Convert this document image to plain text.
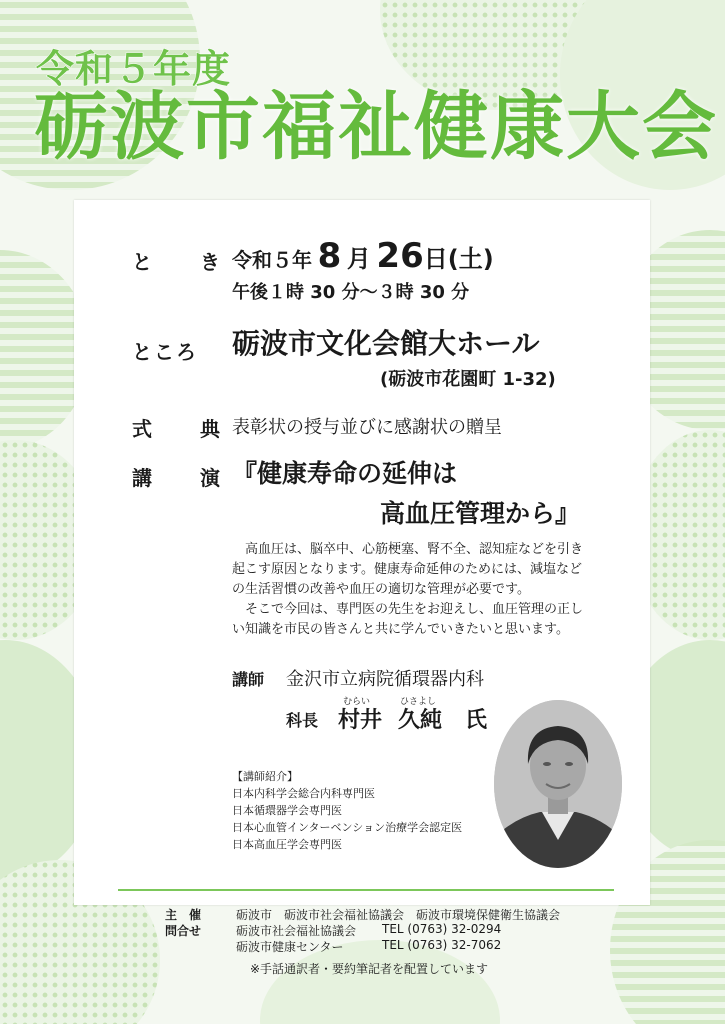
令和５年度
砺波市福祉健康大会
と　き
令和５年 8 月 26日(土)
午後１時 30 分～３時 30 分
ところ 砺波市文化会館大ホール
(砺波市花園町 1-32)
式　典
表彰状の授与並びに感謝状の贈呈
講　演
『健康寿命の延伸は
高血圧管理から』
　高血圧は、脳卒中、心筋梗塞、腎不全、認知症などを引き
起こす原因となります。健康寿命延伸のためには、減塩など
の生活習慣の改善や血圧の適切な管理が必要です。
　そこで今回は、専門医の先生をお迎えし、血圧管理の正し
い知識を市民の皆さんと共に学んでいきたいと思います。
講師 金沢市立病院循環器内科
むらい	ひさよし
科長 村井 久純 氏
【講師紹介】
日本内科学会総合内科専門医
日本循環器学会専門医
日本心血管インターベンション治療学会認定医
日本高血圧学会専門医
主　催	砺波市　砺波市社会福祉協議会　砺波市環境保健衛生協議会
問合せ	砺波市社会福祉協議会 TEL (0763) 32-0294
砺波市健康センター	TEL (0763) 32-7062
※手話通訳者・要約筆記者を配置しています
